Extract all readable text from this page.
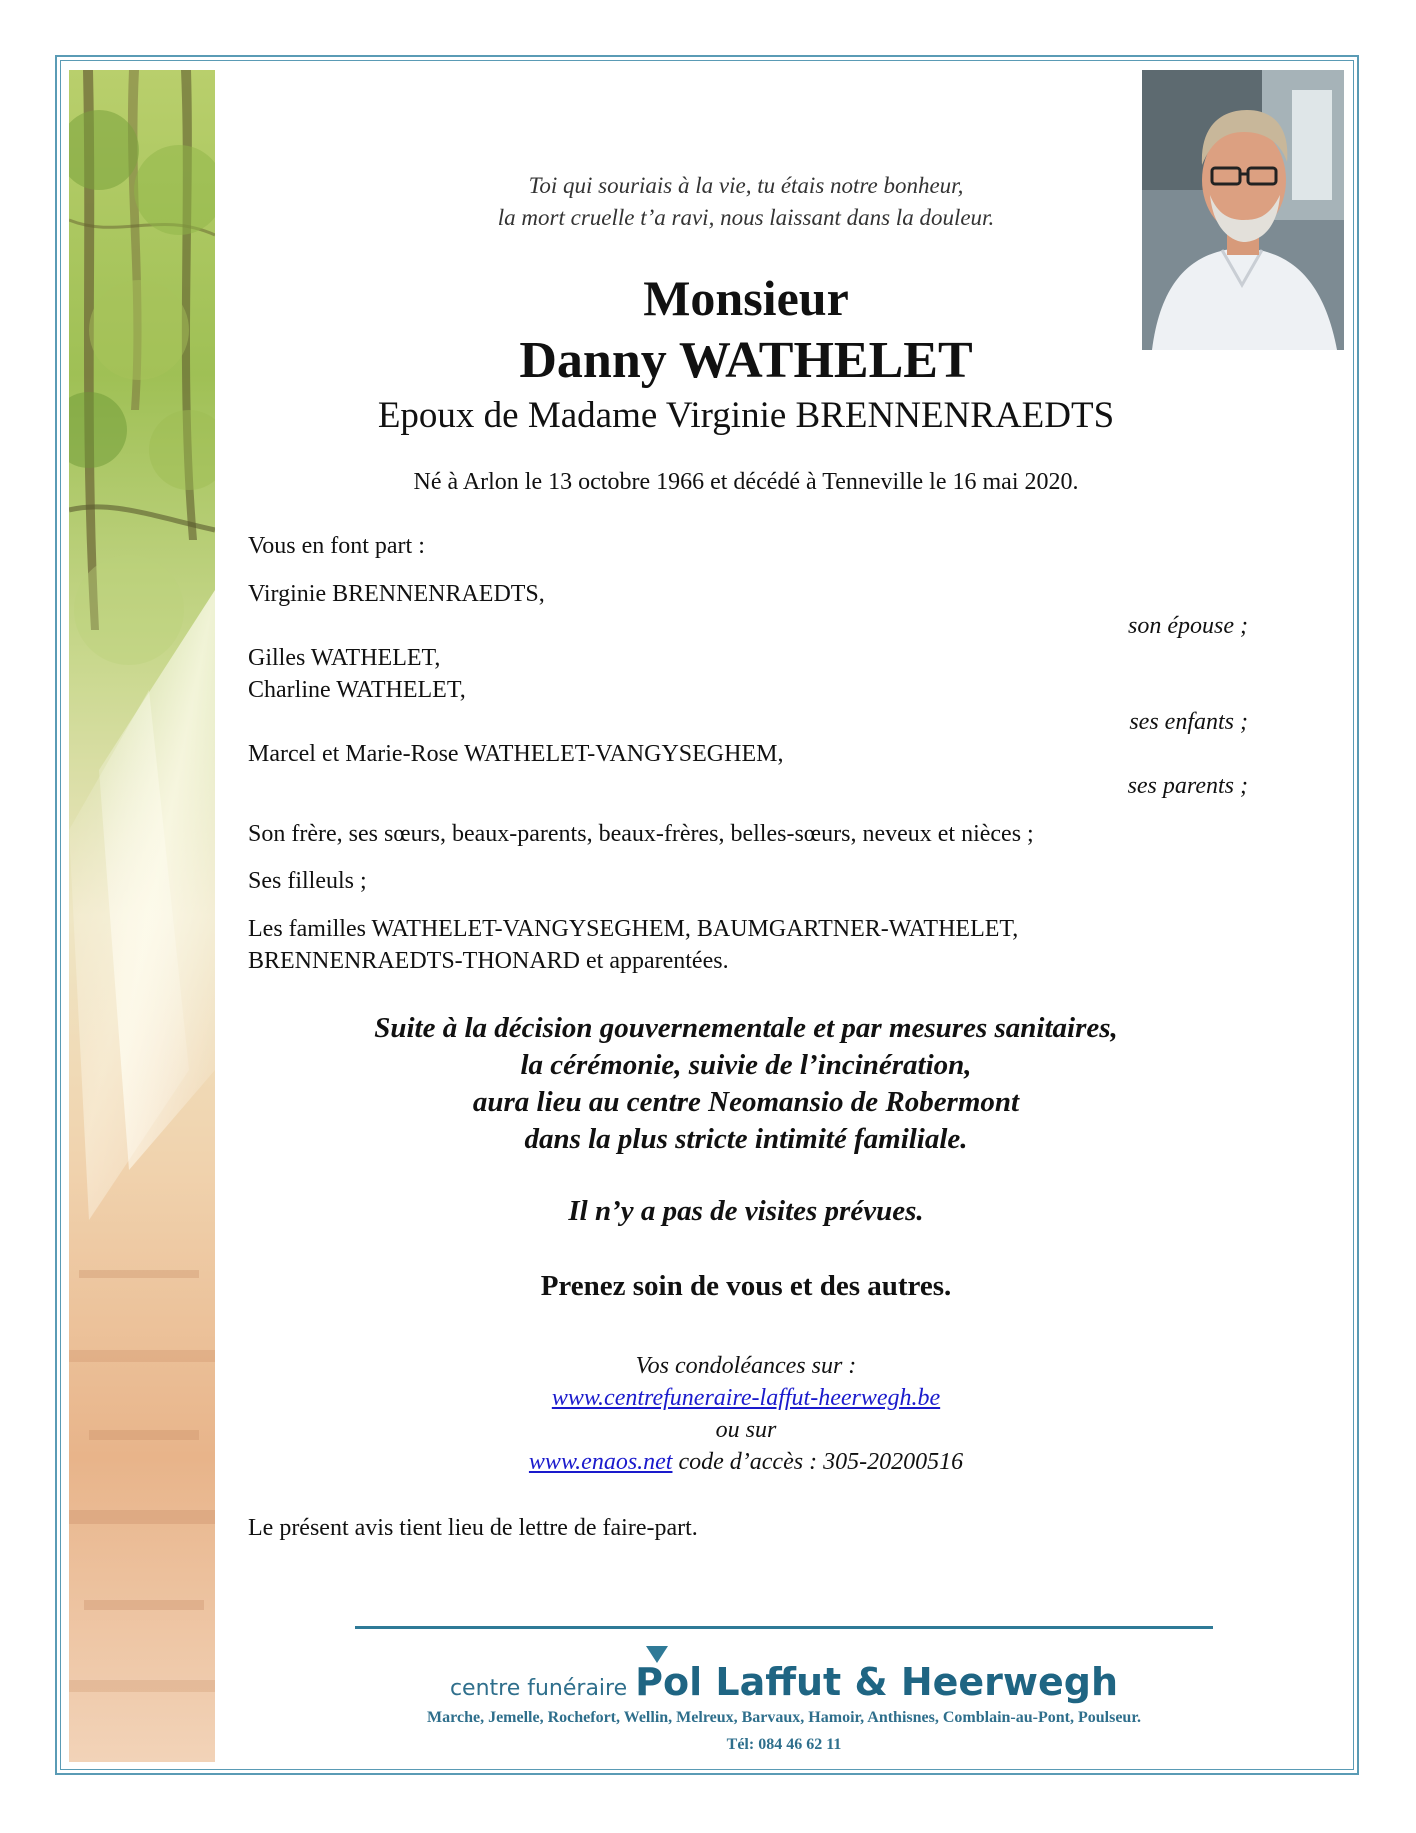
Toi qui souriais à la vie, tu étais notre bonheur,
la mort cruelle t’a ravi, nous laissant dans la douleur.
Monsieur
Danny WATHELET
Epoux de Madame Virginie BRENNENRAEDTS
Né à Arlon le 13 octobre 1966 et décédé à Tenneville le 16 mai 2020.
Vous en font part :
Virginie BRENNENRAEDTS,
son épouse ;
Gilles WATHELET,
Charline WATHELET,
ses enfants ;
Marcel et Marie-Rose WATHELET-VANGYSEGHEM,
ses parents ;
Son frère, ses sœurs, beaux-parents, beaux-frères, belles-sœurs, neveux et nièces ;
Ses filleuls ;
Les familles WATHELET-VANGYSEGHEM, BAUMGARTNER-WATHELET,
BRENNENRAEDTS-THONARD et apparentées.
Suite à la décision gouvernementale et par mesures sanitaires,
la cérémonie, suivie de l’incinération,
aura lieu au centre Neomansio de Robermont
dans la plus stricte intimité familiale.
Il n’y a pas de visites prévues.
Prenez soin de vous et des autres.
Vos condoléances sur :
www.centrefuneraire-laffut-heerwegh.be
ou sur
www.enaos.net code d’accès : 305-20200516
Le présent avis tient lieu de lettre de faire-part.
centre funéraire Pol Laffut & Heerwegh
Marche, Jemelle, Rochefort, Wellin, Melreux, Barvaux, Hamoir, Anthisnes, Comblain-au-Pont, Poulseur.
Tél: 084 46 62 11
